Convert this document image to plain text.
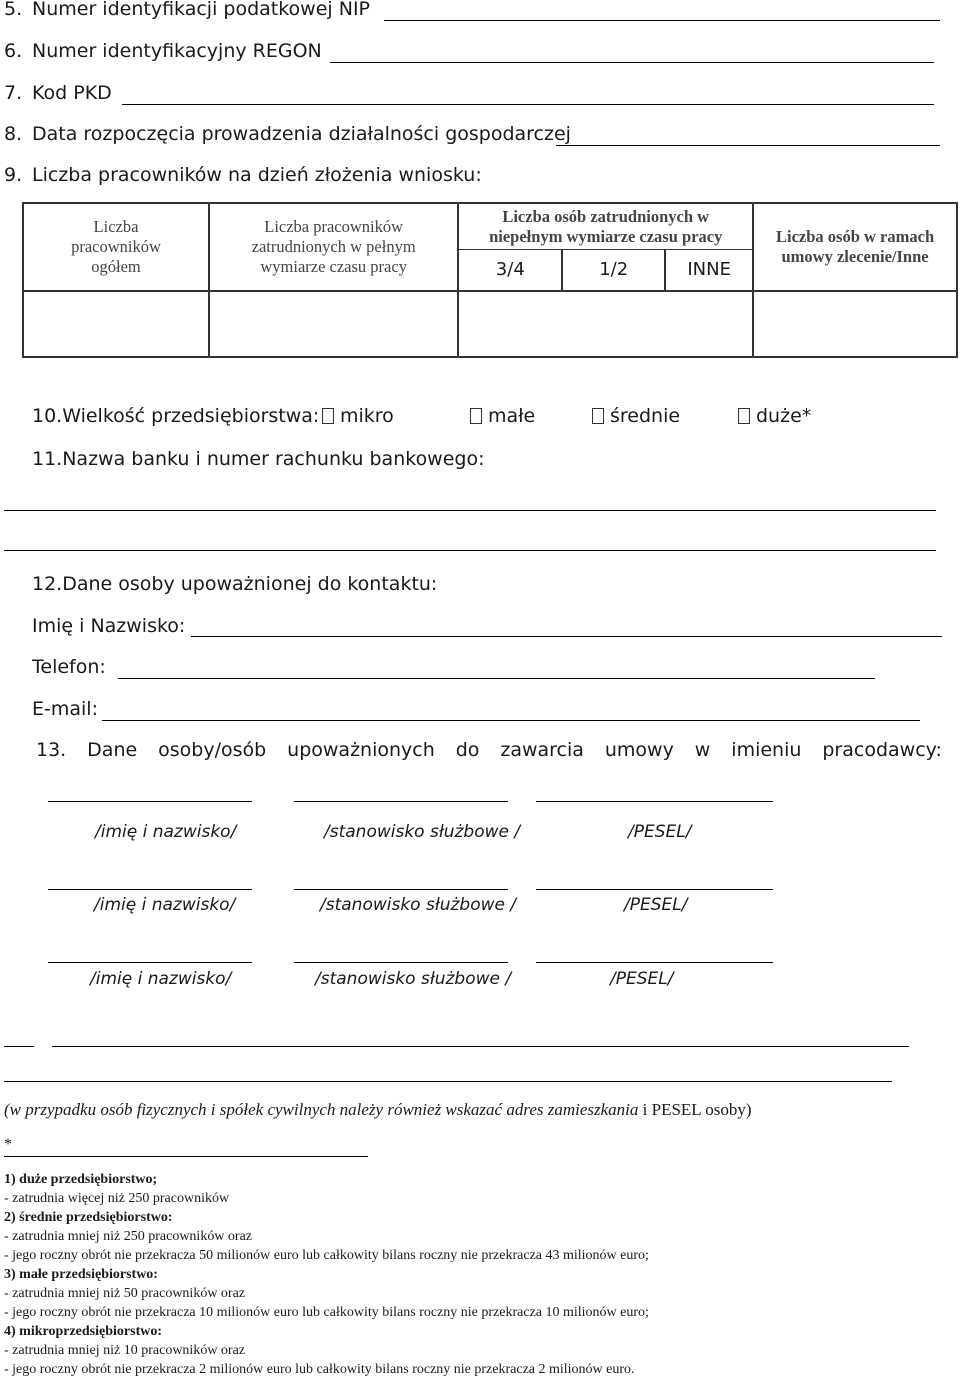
5. Numer identyfikacji podatkowej NIP
6. Numer identyfikacyjny REGON
7. Kod PKD
8. Data rozpoczęcia prowadzenia działalności gospodarczej
9. Liczba pracowników na dzień złożenia wniosku:
Liczba pracowników ogółem	Liczba pracowników zatrudnionych w pełnym wymiarze czasu pracy	Liczba osób zatrudnionych w niepełnym wymiarze czasu pracy			Liczba osób w ramach umowy zlecenie/Inne
		3/4	1/2	INNE	

10.Wielkość przedsiębiorstwa:	mikro	małe	średnie	duże*
11.Nazwa banku i numer rachunku bankowego:
12.Dane osoby upoważnionej do kontaktu:
Imię i Nazwisko:
Telefon:
E-mail:
13. Dane osoby/osób upoważnionych do zawarcia umowy w imieniu pracodawcy:
/imię i nazwisko/	/stanowisko służbowe /	/PESEL/
/imię i nazwisko/	/stanowisko służbowe /	/PESEL/
/imię i nazwisko/	/stanowisko służbowe /	/PESEL/
(w przypadku osób fizycznych i spółek cywilnych należy również wskazać adres zamieszkania i PESEL osoby)
*
1) duże przedsiębiorstwo;
- zatrudnia więcej niż 250 pracowników
2) średnie przedsiębiorstwo:
- zatrudnia mniej niż 250 pracowników oraz
- jego roczny obrót nie przekracza 50 milionów euro lub całkowity bilans roczny nie przekracza 43 milionów euro;
3) małe przedsiębiorstwo:
- zatrudnia mniej niż 50 pracowników oraz
- jego roczny obrót nie przekracza 10 milionów euro lub całkowity bilans roczny nie przekracza 10 milionów euro;
4) mikroprzedsiębiorstwo:
- zatrudnia mniej niż 10 pracowników oraz
- jego roczny obrót nie przekracza 2 milionów euro lub całkowity bilans roczny nie przekracza 2 milionów euro.
